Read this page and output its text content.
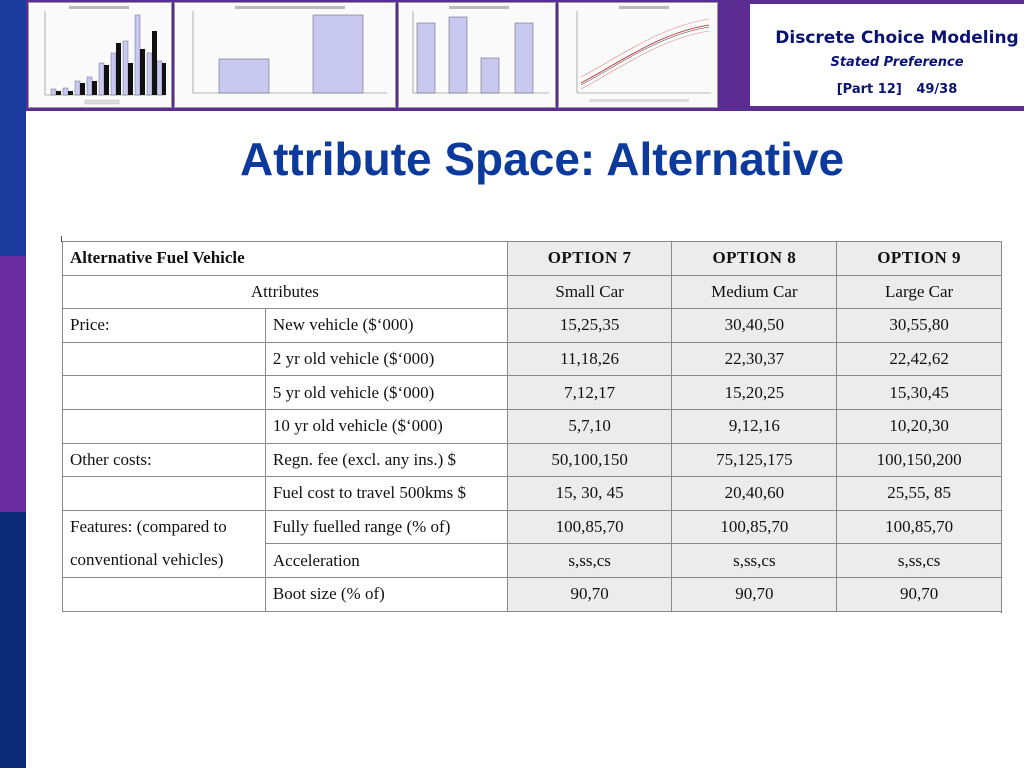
Discrete Choice Modeling
Stated Preference
[Part 12] 49/38
Attribute Space: Alternative
Alternative Fuel Vehicle		OPTION 7	OPTION 8	OPTION 9
Attributes		Small Car	Medium Car	Large Car
Price:	New vehicle ($‘000)	15,25,35	30,40,50	30,55,80
	2 yr old vehicle ($‘000)	11,18,26	22,30,37	22,42,62
	5 yr old vehicle ($‘000)	7,12,17	15,20,25	15,30,45
	10 yr old vehicle ($‘000)	5,7,10	9,12,16	10,20,30
Other costs:	Regn. fee (excl. any ins.) $	50,100,150	75,125,175	100,150,200
	Fuel cost to travel 500kms $	15, 30, 45	20,40,60	25,55, 85
Features: (compared to	Fully fuelled range (% of)	100,85,70	100,85,70	100,85,70
conventional vehicles)	Acceleration	s,ss,cs	s,ss,cs	s,ss,cs
	Boot size (% of)	90,70	90,70	90,70
